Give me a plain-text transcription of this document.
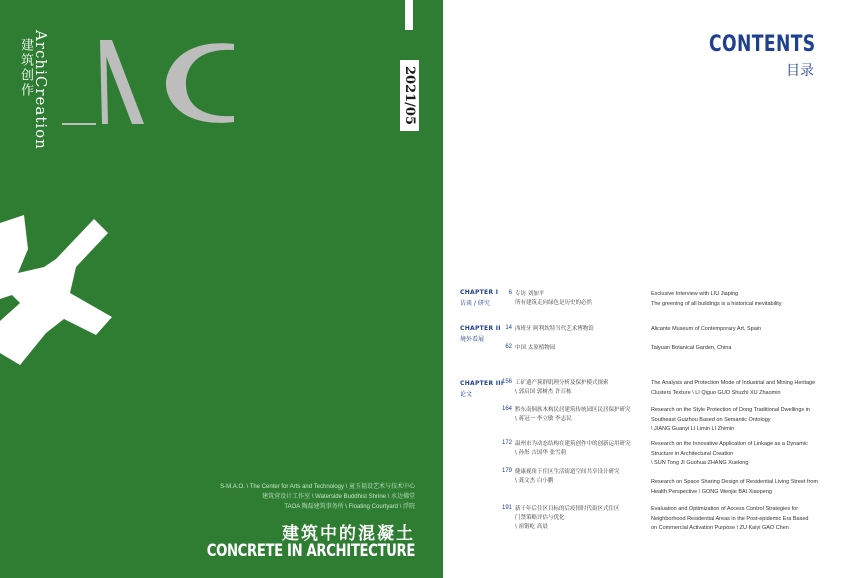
2021/05
建筑创作 ArchiCreation
S-M.A.O. \ The Center for Arts and Technology \ 童玉福设艺术与技术中心
建筑营设计工作室 \ Waterside Buddhist Shrine \ 水边佛堂
TAOA 陶磊建筑事务所 \ Floating Courtyard \ 浮院
建筑中的混凝土
CONCRETE IN ARCHITECTURE
CONTENTS
目录
CHAPTER I
访谈 / 研究
6 专访 刘加平
所有建筑走向绿色是历史的必然
Exclusive Interview with LIU Jiaping
The greening of all buildings is a historical inevitability
CHAPTER II
境外看展
14 西班牙 阿利坎特当代艺术博物馆	Alicante Museum of Contemporary Art, Spain
62 中国 太原植物园	Taiyuan Botanical Garden, China
CHAPTER III
论文
156 工矿遗产簇群肌理分析及保护模式探索
\ 郭启国 郭树杰 许召栋
The Analysis and Protection Mode of Industrial and Mining Heritage
Clusters Texture \ LI Qiguo GUO Shuzhi XU Zhaomin
164 黔东南侗族木构民居建筑传统园区民居保护研究
\ 蒋冠一 李立敏 李志民
Research on the Style Protection of Dong Traditional Dwellings in
Southeast Guizhou Based on Semantic Ontology
\ JIANG Guanyi LI Limin LI Zhimin
172 温州市为动态结构在建筑创作中的创新运用研究
\ 孙彤 吉国华 张雪莉
Research on the Innovative Application of Linkage as a Dynamic
Structure in Architectural Creation
\ SUN Tong JI Guohua ZHANG Xuelong
179 健康视角下住区生活街道空间共享设计研究
\ 龚文杰 白小鹏	Research on Space Sharing Design of Residential Living Street from
Health Perspective \ GONG Wenjie BAI Xiaopeng
191 新千年后住区目标的后疫情时代街区式住区
门禁策略评估与优化
\ 祖锴屹 高晨
Evaluation and Optimization of Access Control Strategies for
Neighborhood Residential Areas in the Post-epidemic Era Based
on Commercial Activation Purpose \ ZU Kaiyi GAO Chen
